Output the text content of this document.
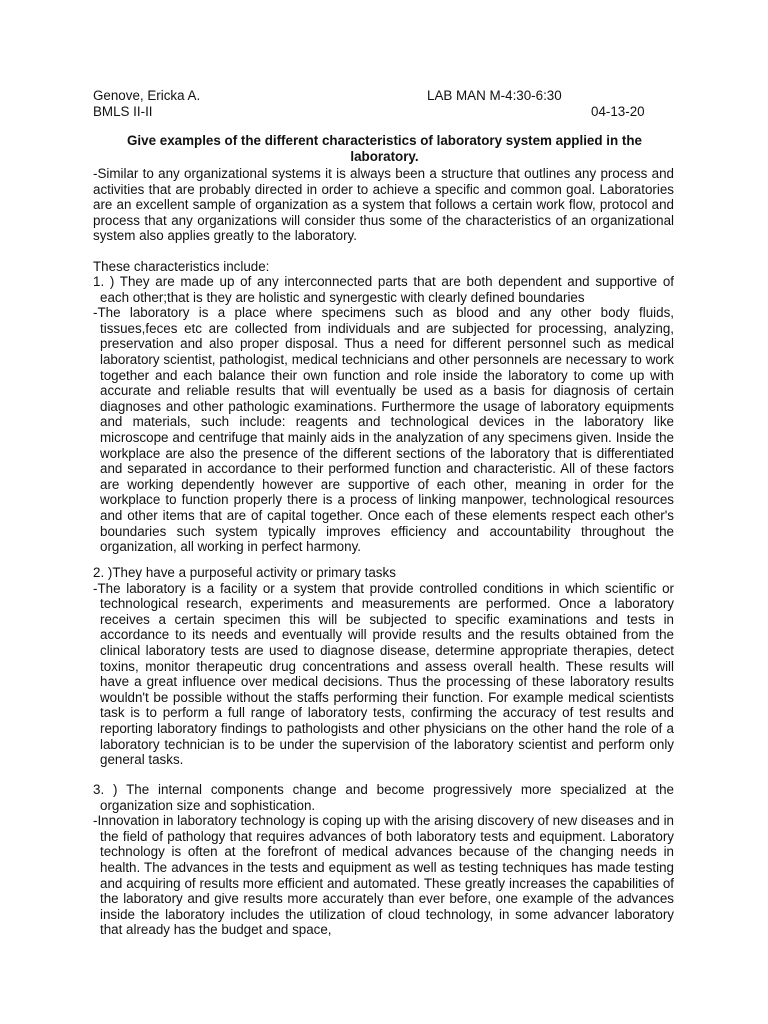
Genove, Ericka A.
BMLS II-II
LAB MAN M-4:30-6:30
04-13-20
Give examples of the different characteristics of laboratory system applied in the laboratory.
-Similar to any organizational systems it is always been a structure that outlines any process and activities that are probably directed in order to achieve a specific and common goal. Laboratories are an excellent sample of organization as a system that follows a certain work flow, protocol and process that any organizations will consider thus some of the characteristics of an organizational system also applies greatly to the laboratory.
These characteristics include:

1. ) They are made up of any interconnected parts that are both dependent and supportive of each other;that is they are holistic and synergestic with clearly defined boundaries

-The laboratory is a place where specimens such as blood and any other body fluids, tissues,feces etc are collected from individuals and are subjected for processing, analyzing, preservation and also proper disposal. Thus a need for different personnel such as medical laboratory scientist, pathologist, medical technicians and other personnels are necessary to work together and each balance their own function and role inside the laboratory to come up with accurate and reliable results that will eventually be used as a basis for diagnosis of certain diagnoses and other pathologic examinations. Furthermore the usage of laboratory equipments and materials, such include: reagents and technological devices in the laboratory like microscope and centrifuge that mainly aids in the analyzation of any specimens given. Inside the workplace are also the presence of the different sections of the laboratory that is differentiated and separated in accordance to their performed function and characteristic. All of these factors are working dependently however are supportive of each other, meaning in order for the workplace to function properly there is a process of linking manpower, technological resources and other items that are of capital together. Once each of these elements respect each other's boundaries such system typically improves efficiency and accountability throughout the organization, all working in perfect harmony.

2. )They have a purposeful activity or primary tasks

-The laboratory is a facility or a system that provide controlled conditions in which scientific or technological research, experiments and measurements are performed. Once a laboratory receives a certain specimen this will be subjected to specific examinations and tests in accordance to its needs and eventually will provide results and the results obtained from the clinical laboratory tests are used to diagnose disease, determine appropriate therapies, detect toxins, monitor therapeutic drug concentrations and assess overall health. These results will have a great influence over medical decisions. Thus the processing of these laboratory results wouldn't be possible without the staffs performing their function. For example medical scientists task is to perform a full range of laboratory tests, confirming the accuracy of test results and reporting laboratory findings to pathologists and other physicians on the other hand the role of a laboratory technician is to be under the supervision of the laboratory scientist and perform only general tasks.

3. ) The internal components change and become progressively more specialized at the organization size and sophistication.

-Innovation in laboratory technology is coping up with the arising discovery of new diseases and in the field of pathology that requires advances of both laboratory tests and equipment. Laboratory technology is often at the forefront of medical advances because of the changing needs in health. The advances in the tests and equipment as well as testing techniques has made testing and acquiring of results more efficient and automated. These greatly increases the capabilities of the laboratory and give results more accurately than ever before, one example of the advances inside the laboratory includes the utilization of cloud technology, in some advancer laboratory that already has the budget and space,
